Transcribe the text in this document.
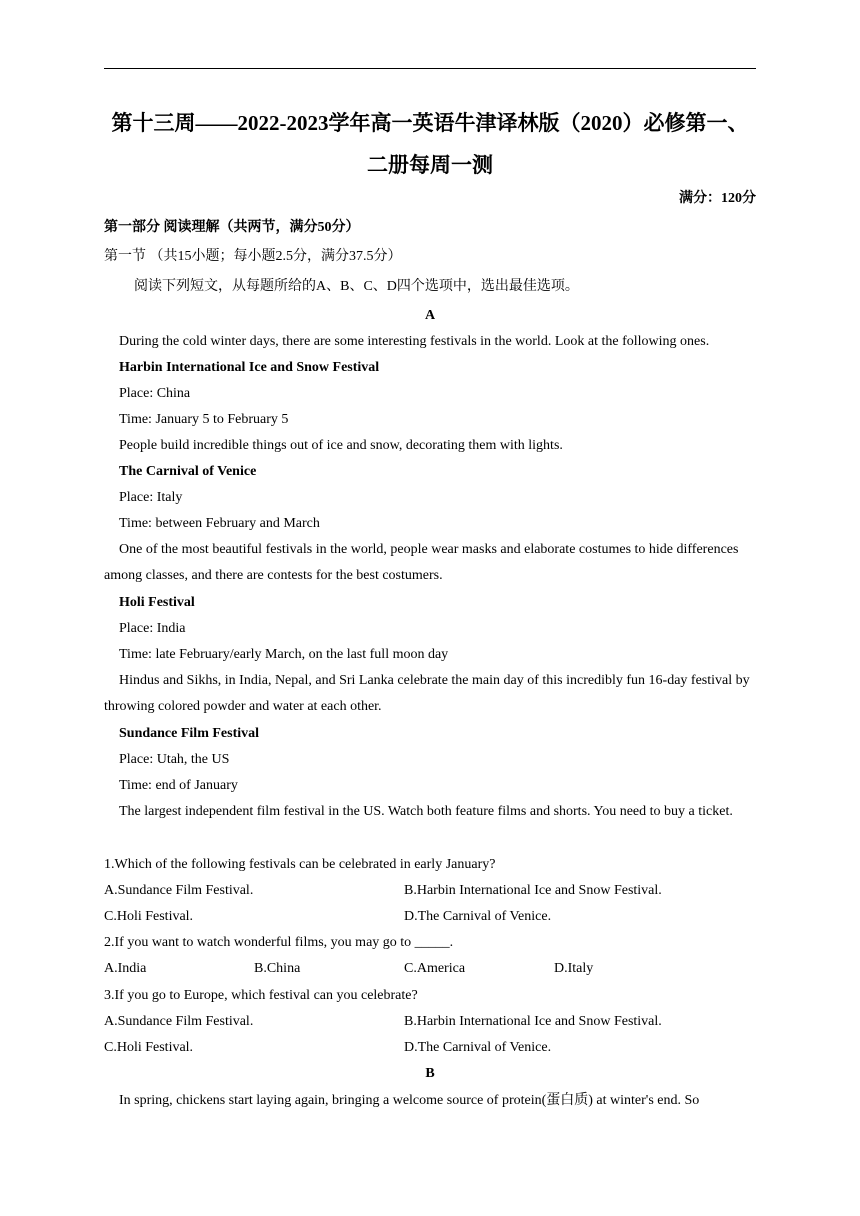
第十三周——2022-2023学年高一英语牛津译林版（2020）必修第一、二册每周一测
满分：120分
第一部分 阅读理解（共两节，满分50分）
第一节 （共15小题；每小题2.5分，满分37.5分）
阅读下列短文，从每题所给的A、B、C、D四个选项中，选出最佳选项。
A
During the cold winter days, there are some interesting festivals in the world. Look at the following ones.
Harbin International Ice and Snow Festival
Place: China
Time: January 5 to February 5
People build incredible things out of ice and snow, decorating them with lights.
The Carnival of Venice
Place: Italy
Time: between February and March
One of the most beautiful festivals in the world, people wear masks and elaborate costumes to hide differences among classes, and there are contests for the best costumers.
Holi Festival
Place: India
Time: late February/early March, on the last full moon day
Hindus and Sikhs, in India, Nepal, and Sri Lanka celebrate the main day of this incredibly fun 16-day festival by throwing colored powder and water at each other.
Sundance Film Festival
Place: Utah, the US
Time: end of January
The largest independent film festival in the US. Watch both feature films and shorts. You need to buy a ticket.
1.Which of the following festivals can be celebrated in early January?
A.Sundance Film Festival.	B.Harbin International Ice and Snow Festival.
C.Holi Festival.	D.The Carnival of Venice.
2.If you want to watch wonderful films, you may go to _____.
A.India	B.China	C.America	D.Italy
3.If you go to Europe, which festival can you celebrate?
A.Sundance Film Festival.	B.Harbin International Ice and Snow Festival.
C.Holi Festival.	D.The Carnival of Venice.
B
In spring, chickens start laying again, bringing a welcome source of protein(蛋白质) at winter's end. So
